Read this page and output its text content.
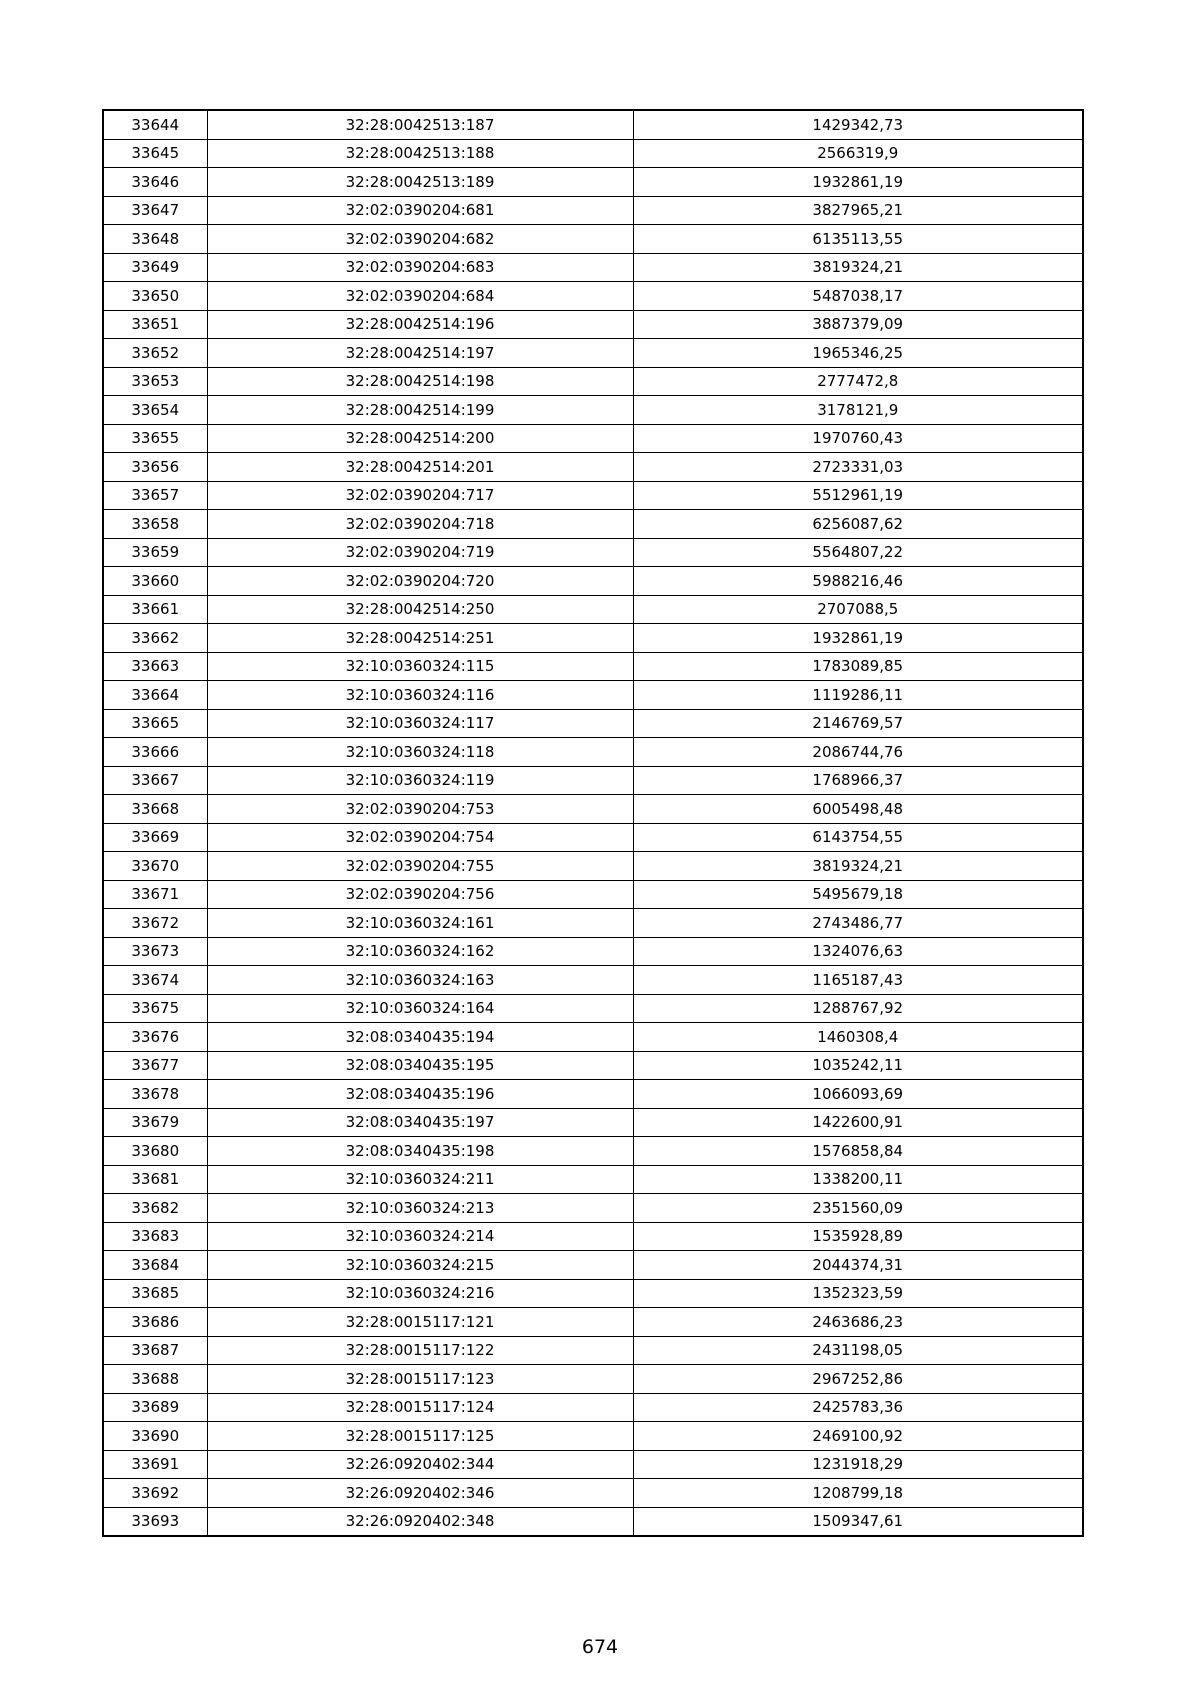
33644	32:28:0042513:187	1429342,73
33645	32:28:0042513:188	2566319,9
33646	32:28:0042513:189	1932861,19
33647	32:02:0390204:681	3827965,21
33648	32:02:0390204:682	6135113,55
33649	32:02:0390204:683	3819324,21
33650	32:02:0390204:684	5487038,17
33651	32:28:0042514:196	3887379,09
33652	32:28:0042514:197	1965346,25
33653	32:28:0042514:198	2777472,8
33654	32:28:0042514:199	3178121,9
33655	32:28:0042514:200	1970760,43
33656	32:28:0042514:201	2723331,03
33657	32:02:0390204:717	5512961,19
33658	32:02:0390204:718	6256087,62
33659	32:02:0390204:719	5564807,22
33660	32:02:0390204:720	5988216,46
33661	32:28:0042514:250	2707088,5
33662	32:28:0042514:251	1932861,19
33663	32:10:0360324:115	1783089,85
33664	32:10:0360324:116	1119286,11
33665	32:10:0360324:117	2146769,57
33666	32:10:0360324:118	2086744,76
33667	32:10:0360324:119	1768966,37
33668	32:02:0390204:753	6005498,48
33669	32:02:0390204:754	6143754,55
33670	32:02:0390204:755	3819324,21
33671	32:02:0390204:756	5495679,18
33672	32:10:0360324:161	2743486,77
33673	32:10:0360324:162	1324076,63
33674	32:10:0360324:163	1165187,43
33675	32:10:0360324:164	1288767,92
33676	32:08:0340435:194	1460308,4
33677	32:08:0340435:195	1035242,11
33678	32:08:0340435:196	1066093,69
33679	32:08:0340435:197	1422600,91
33680	32:08:0340435:198	1576858,84
33681	32:10:0360324:211	1338200,11
33682	32:10:0360324:213	2351560,09
33683	32:10:0360324:214	1535928,89
33684	32:10:0360324:215	2044374,31
33685	32:10:0360324:216	1352323,59
33686	32:28:0015117:121	2463686,23
33687	32:28:0015117:122	2431198,05
33688	32:28:0015117:123	2967252,86
33689	32:28:0015117:124	2425783,36
33690	32:28:0015117:125	2469100,92
33691	32:26:0920402:344	1231918,29
33692	32:26:0920402:346	1208799,18
33693	32:26:0920402:348	1509347,61
674
